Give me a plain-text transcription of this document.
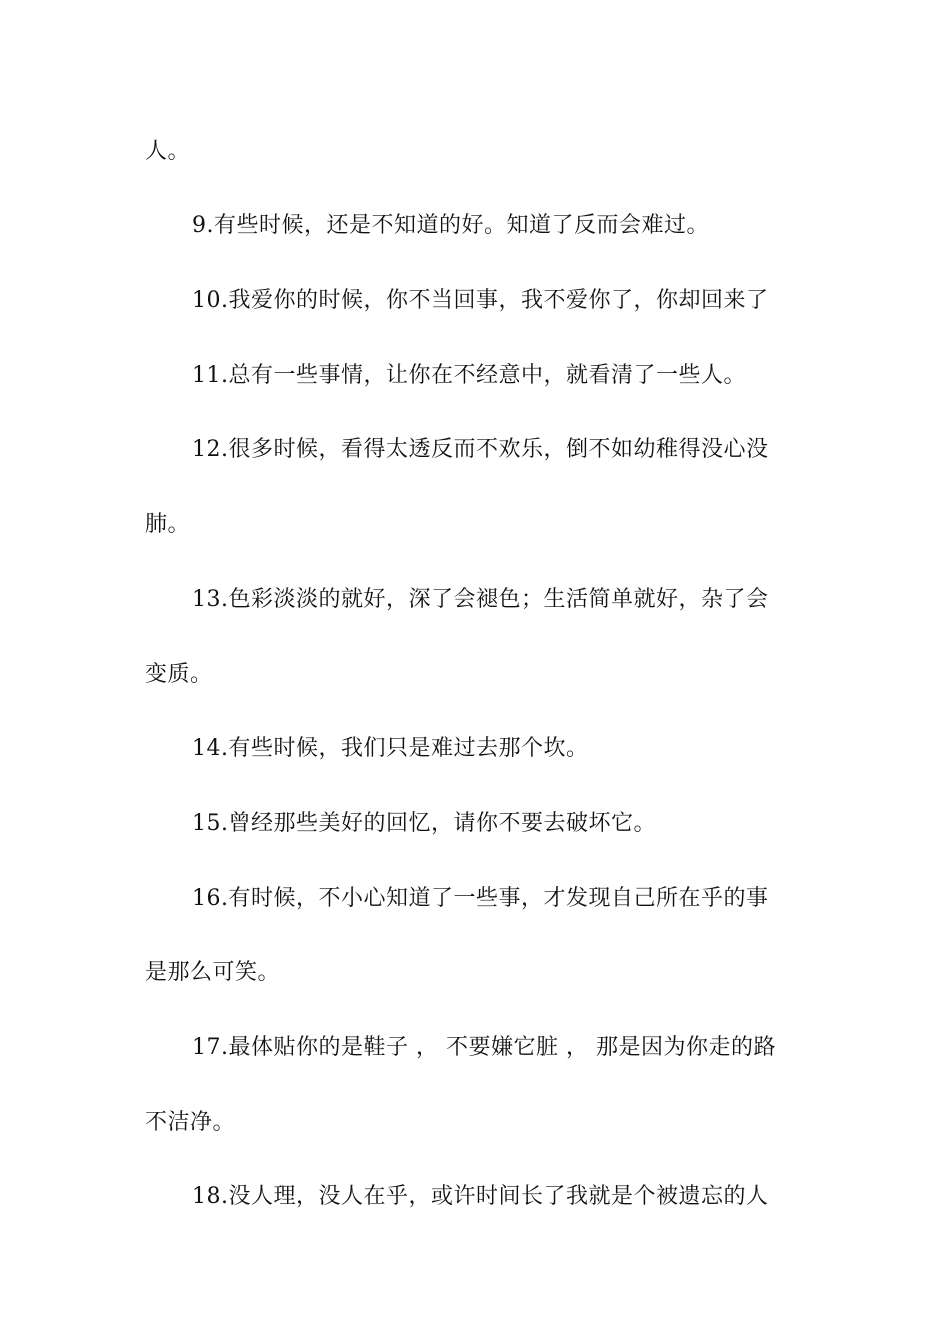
人。
9.有些时候，还是不知道的好。知道了反而会难过。
10.我爱你的时候，你不当回事，我不爱你了，你却回来了
11.总有一些事情，让你在不经意中，就看清了一些人。
12.很多时候，看得太透反而不欢乐，倒不如幼稚得没心没
肺。
13.色彩淡淡的就好，深了会褪色；生活简单就好，杂了会
变质。
14.有些时候，我们只是难过去那个坎。
15.曾经那些美好的回忆，请你不要去破坏它。
16.有时候，不小心知道了一些事，才发现自己所在乎的事
是那么可笑。
17.最体贴你的是鞋子 ， 不要嫌它脏 ， 那是因为你走的路
不洁净。
18.没人理，没人在乎，或许时间长了我就是个被遗忘的人
